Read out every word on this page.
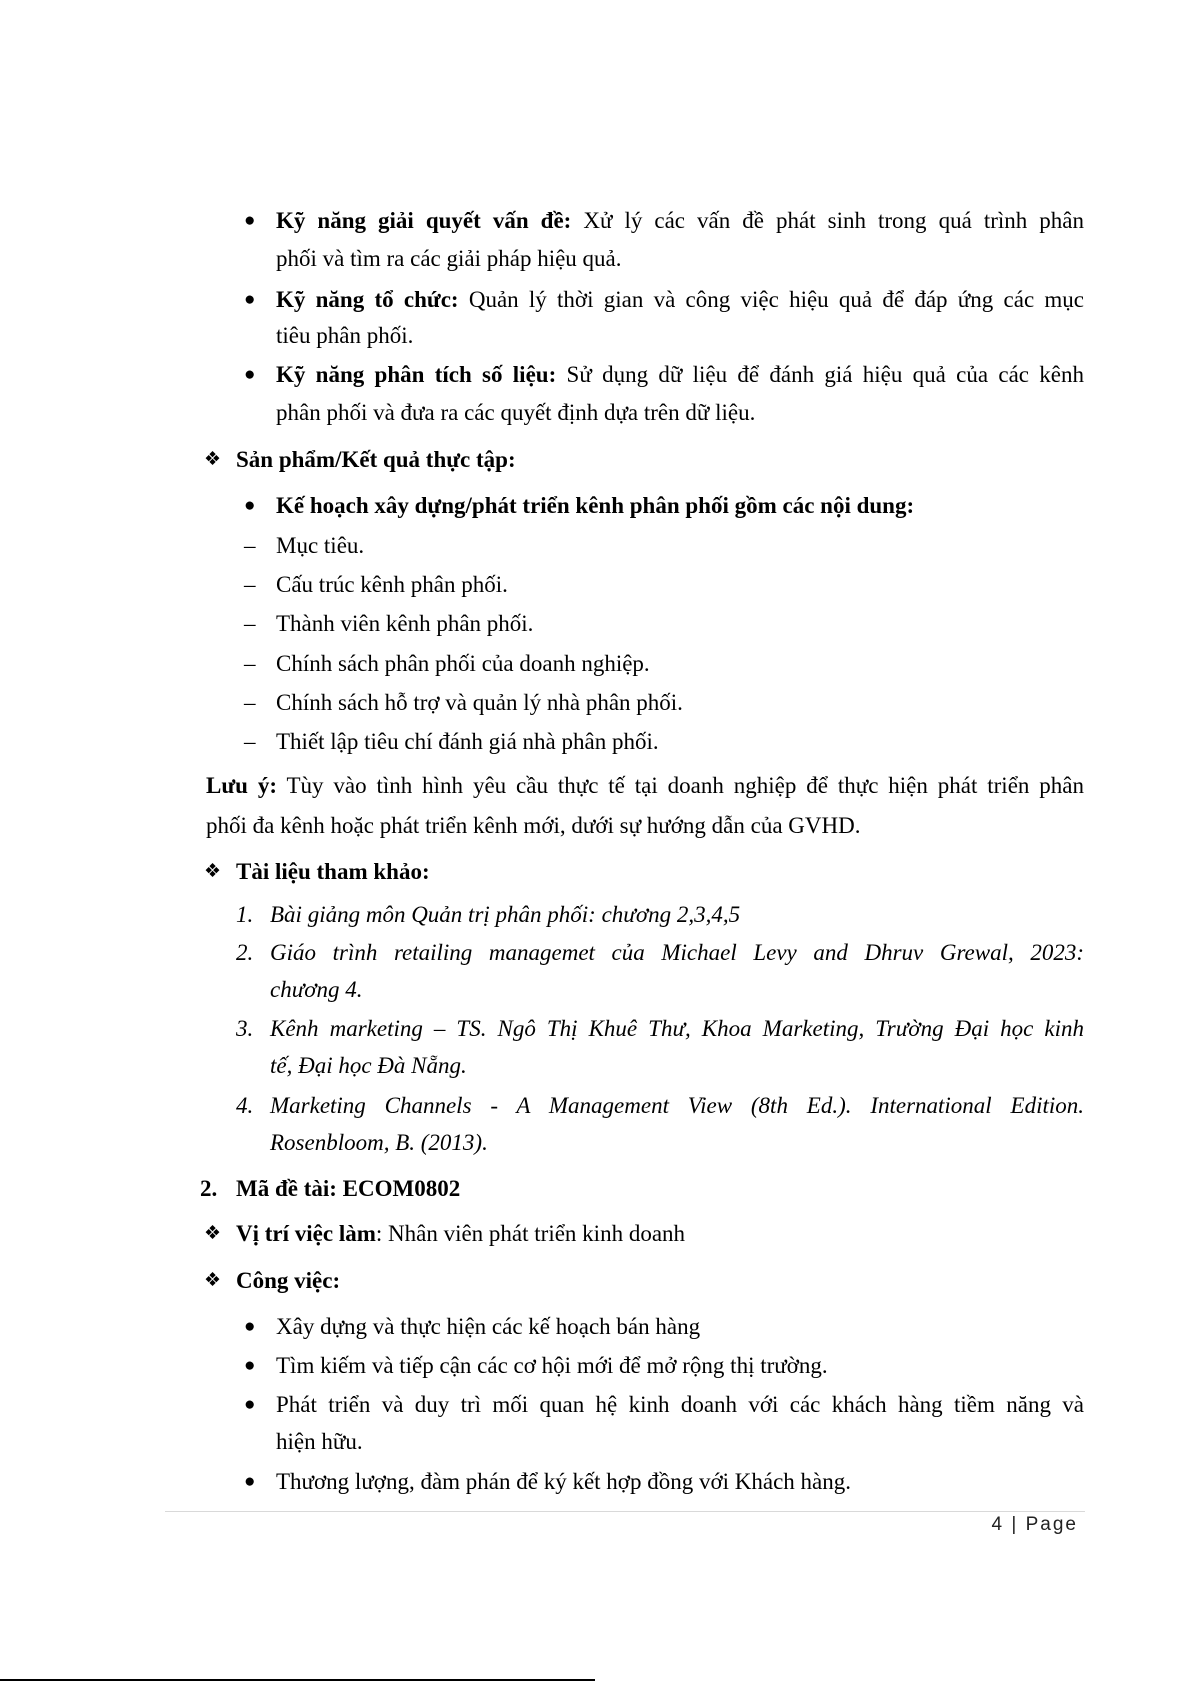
● Kỹ năng giải quyết vấn đề: Xử lý các vấn đề phát sinh trong quá trình phân
phối và tìm ra các giải pháp hiệu quả.
● Kỹ năng tổ chức: Quản lý thời gian và công việc hiệu quả để đáp ứng các mục
tiêu phân phối.
● Kỹ năng phân tích số liệu: Sử dụng dữ liệu để đánh giá hiệu quả của các kênh
phân phối và đưa ra các quyết định dựa trên dữ liệu.
❖ Sản phẩm/Kết quả thực tập:
● Kế hoạch xây dựng/phát triển kênh phân phối gồm các nội dung:
– Mục tiêu.
– Cấu trúc kênh phân phối.
– Thành viên kênh phân phối.
– Chính sách phân phối của doanh nghiệp.
– Chính sách hỗ trợ và quản lý nhà phân phối.
– Thiết lập tiêu chí đánh giá nhà phân phối.
Lưu ý: Tùy vào tình hình yêu cầu thực tế tại doanh nghiệp để thực hiện phát triển phân
phối đa kênh hoặc phát triển kênh mới, dưới sự hướng dẫn của GVHD.
❖ Tài liệu tham khảo:
1. Bài giảng môn Quản trị phân phối: chương 2,3,4,5
2. Giáo trình retailing managemet của Michael Levy and Dhruv Grewal, 2023:
chương 4.
3. Kênh marketing – TS. Ngô Thị Khuê Thư, Khoa Marketing, Trường Đại học kinh
tế, Đại học Đà Nẵng.
4. Marketing Channels - A Management View (8th Ed.). International Edition.
Rosenbloom, B. (2013).
2. Mã đề tài: ECOM0802
❖ Vị trí việc làm: Nhân viên phát triển kinh doanh
❖ Công việc:
● Xây dựng và thực hiện các kế hoạch bán hàng
● Tìm kiếm và tiếp cận các cơ hội mới để mở rộng thị trường.
● Phát triển và duy trì mối quan hệ kinh doanh với các khách hàng tiềm năng và
hiện hữu.
● Thương lượng, đàm phán để ký kết hợp đồng với Khách hàng.
4 | Page
